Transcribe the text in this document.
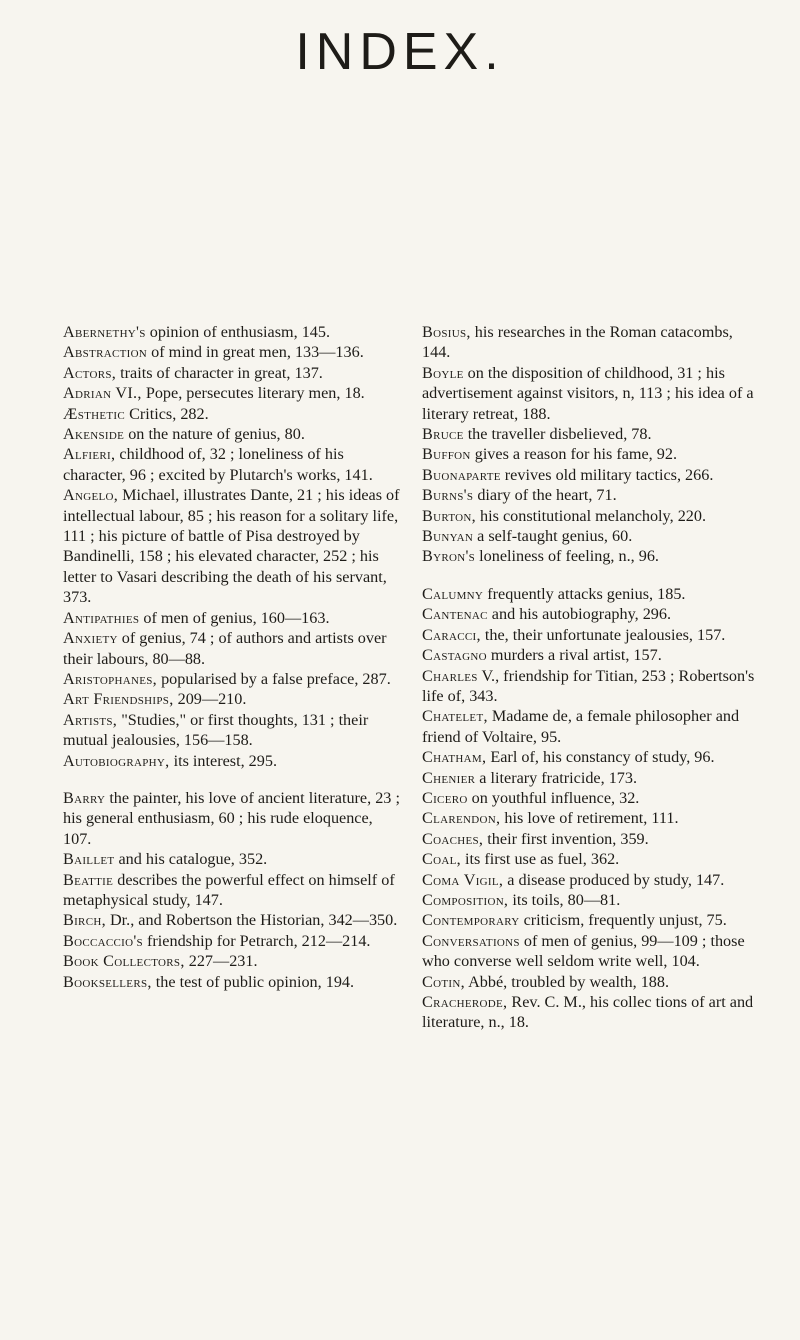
INDEX.

Abernethy's opinion of enthusiasm, 145.

Abstraction of mind in great men, 133—136.

Actors, traits of character in great, 137.

Adrian VI., Pope, persecutes literary men, 18.

Æsthetic Critics, 282.

Akenside on the nature of genius, 80.

Alfieri, childhood of, 32 ; loneliness of his character, 96 ; excited by Plutarch's works, 141.

Angelo, Michael, illustrates Dante, 21 ; his ideas of intellectual labour, 85 ; his reason for a solitary life, 111 ; his picture of battle of Pisa destroyed by Bandinelli, 158 ; his elevated character, 252 ; his letter to Vasari describing the death of his servant, 373.

Antipathies of men of genius, 160—163.

Anxiety of genius, 74 ; of authors and artists over their labours, 80—88.

Aristophanes, popularised by a false preface, 287.

Art Friendships, 209—210.

Artists, "Studies," or first thoughts, 131 ; their mutual jealousies, 156—158.

Autobiography, its interest, 295.

Barry the painter, his love of ancient literature, 23 ; his general enthusiasm, 60 ; his rude eloquence, 107.

Baillet and his catalogue, 352.

Beattie describes the powerful effect on himself of metaphysical study, 147.

Birch, Dr., and Robertson the Historian, 342—350.

Boccaccio's friendship for Petrarch, 212—214.

Book Collectors, 227—231.

Booksellers, the test of public opinion, 194.

Bosius, his researches in the Roman catacombs, 144.

Boyle on the disposition of childhood, 31 ; his advertisement against visitors, n, 113 ; his idea of a literary retreat, 188.

Bruce the traveller disbelieved, 78.

Buffon gives a reason for his fame, 92.

Buonaparte revives old military tactics, 266.

Burns's diary of the heart, 71.

Burton, his constitutional melancholy, 220.

Bunyan a self-taught genius, 60.

Byron's loneliness of feeling, n., 96.

Calumny frequently attacks genius, 185.

Cantenac and his autobiography, 296.

Caracci, the, their unfortunate jealousies, 157.

Castagno murders a rival artist, 157.

Charles V., friendship for Titian, 253 ; Robertson's life of, 343.

Chatelet, Madame de, a female philosopher and friend of Voltaire, 95.

Chatham, Earl of, his constancy of study, 96.

Chenier a literary fratricide, 173.

Cicero on youthful influence, 32.

Clarendon, his love of retirement, 111.

Coaches, their first invention, 359.

Coal, its first use as fuel, 362.

Coma Vigil, a disease produced by study, 147.

Composition, its toils, 80—81.

Contemporary criticism, frequently unjust, 75.

Conversations of men of genius, 99—109 ; those who converse well seldom write well, 104.

Cotin, Abbé, troubled by wealth, 188.

Cracherode, Rev. C. M., his collec tions of art and literature, n., 18.
